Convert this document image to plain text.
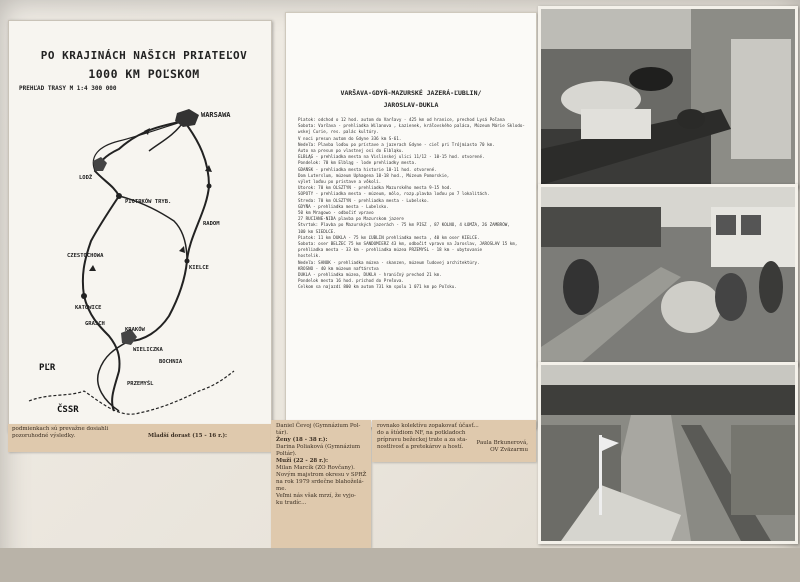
PO KRAJINÁCH NAŠICH PRIATEĽOV
1000 KM POĽSKOM
PREHĽAD TRASY M 1:4 300 000
WARSAWA
LODŽ
PIOTRKÓW TRYB.
CZESTOCHOWA
KIELCE
RADOM
KATOWICE
KRAKÓW
GRASCH
WIELICZKA
BOCHNIA
PRZEMYŚL
PĽR
ČSSR
VARŠAVA-GDYŇ-MAZURSKÉ JAZERÁ-ĽUBLIN/
JAROSLAV-DUKLA
Piatok: odchod o 12 hod. autom do Varšavy - 425 km od hranice, prechod Lysá Poľana
Sobota: Varšava - prehliadka Wilanova , Łazienek, kráľovského paláca, Múzeum Márie Sklodo-
wskej Curie, res. palác kultúry.
V noci presun autom do Gdyne 336 km S-61.
Nedeľa: Plavba loďou po prístave a jazerach Gdyne - cieľ pri Trójmiasto 70 km.
Auto na presun po vlastnej osi do Elbląku.
ELBLĄG - prehliadka mesta na Vislinskej ulici 11/12 - 10-15 hod. otvorené.
Pondelok: 70 km Elbląg - lode prehliadky mesta.
GDAŃSK - prehliadka mesta historie 10-11 hod. otvorené.
Dom Luterslum, múzeum Uphagena 10-18 hod., Múzeum Pomorskie,
výlet loďou po prístave a vôkolí.
Utorok: 70 km OLSZTYN - prehliadka Mazurského mesta 9-15 hod.
SOPOTY - prehliadka mesta - múzeum, mólo, rozp.plavba loďou po 7 lokalitách.
Streda: 70 km OLSZTYN - prehliadka mesta - Lubelsko.
GDYŇA - prehliadka mesta - Lubelsko.
50 km Mragowo - odbočiť vpravo
27 RUCIANE-NIDA plavba po Mazurskom jazere
Štvrtok: Plavba po Mazurských jazerách - 75 km PISZ , 87 KOLNO, 4 ŁOMŻA, 26 ZAMBRÓW,
100 km SIEDLCE.
Piatok: 11 km DUKLA - 75 km ĽUBLIN prehliadka mesta , 40 km oser KIELCE.
Sobota: oser BELŻEC 75 km SANDOMIERZ 43 km, odbočiť vpravo na Jaroslav, JAROSLAV 15 km,
prehliadka mesta - 33 km - prehliadka múzea PRZEMYŚL - 18 km - ubytovanie
hostelik.
Nedeľa: SANOK - prehliadka múzea - skanzen, múzeum ľudovej architektúry.
KROSNO - 40 km múzeum naftárstva
DUKLA - prehliadka múzea, DUKLA - hraničný prechod 21 km.
Pondelok mesta 16 hod. príchod do Prešova.
Celkom sa najazdí 800 km autom 731 km spolu 1 071 km po Poľsku.
podmienkach sú prevažne dosiahli
pozoruhodné výsledky.	Mladší dorast (15 - 16 r.):
Daniel Čevoj (Gymnázium Pol-
tár).
Ženy (18 - 38 r.):
Darina Poliaková (Gymnázium
Poltár).
Muži (22 - 28 r.):
Milan Marcík (ZO Rovčany).
Novým majstrom okresu v SPRŽ
na rok 1979 srdečne blahoželá-
me.
Veľmi nás však mrzí, že vyjo-
ku tradíc...
rovnako kolektívu zopakovať účasť...
do a štúdiom NF, na potkladoch
prípravu bežeckej trate a za sta-
nostlivosť a pretekárov a hostí.
Paula Brkunerová,
OV Zväzarmu
